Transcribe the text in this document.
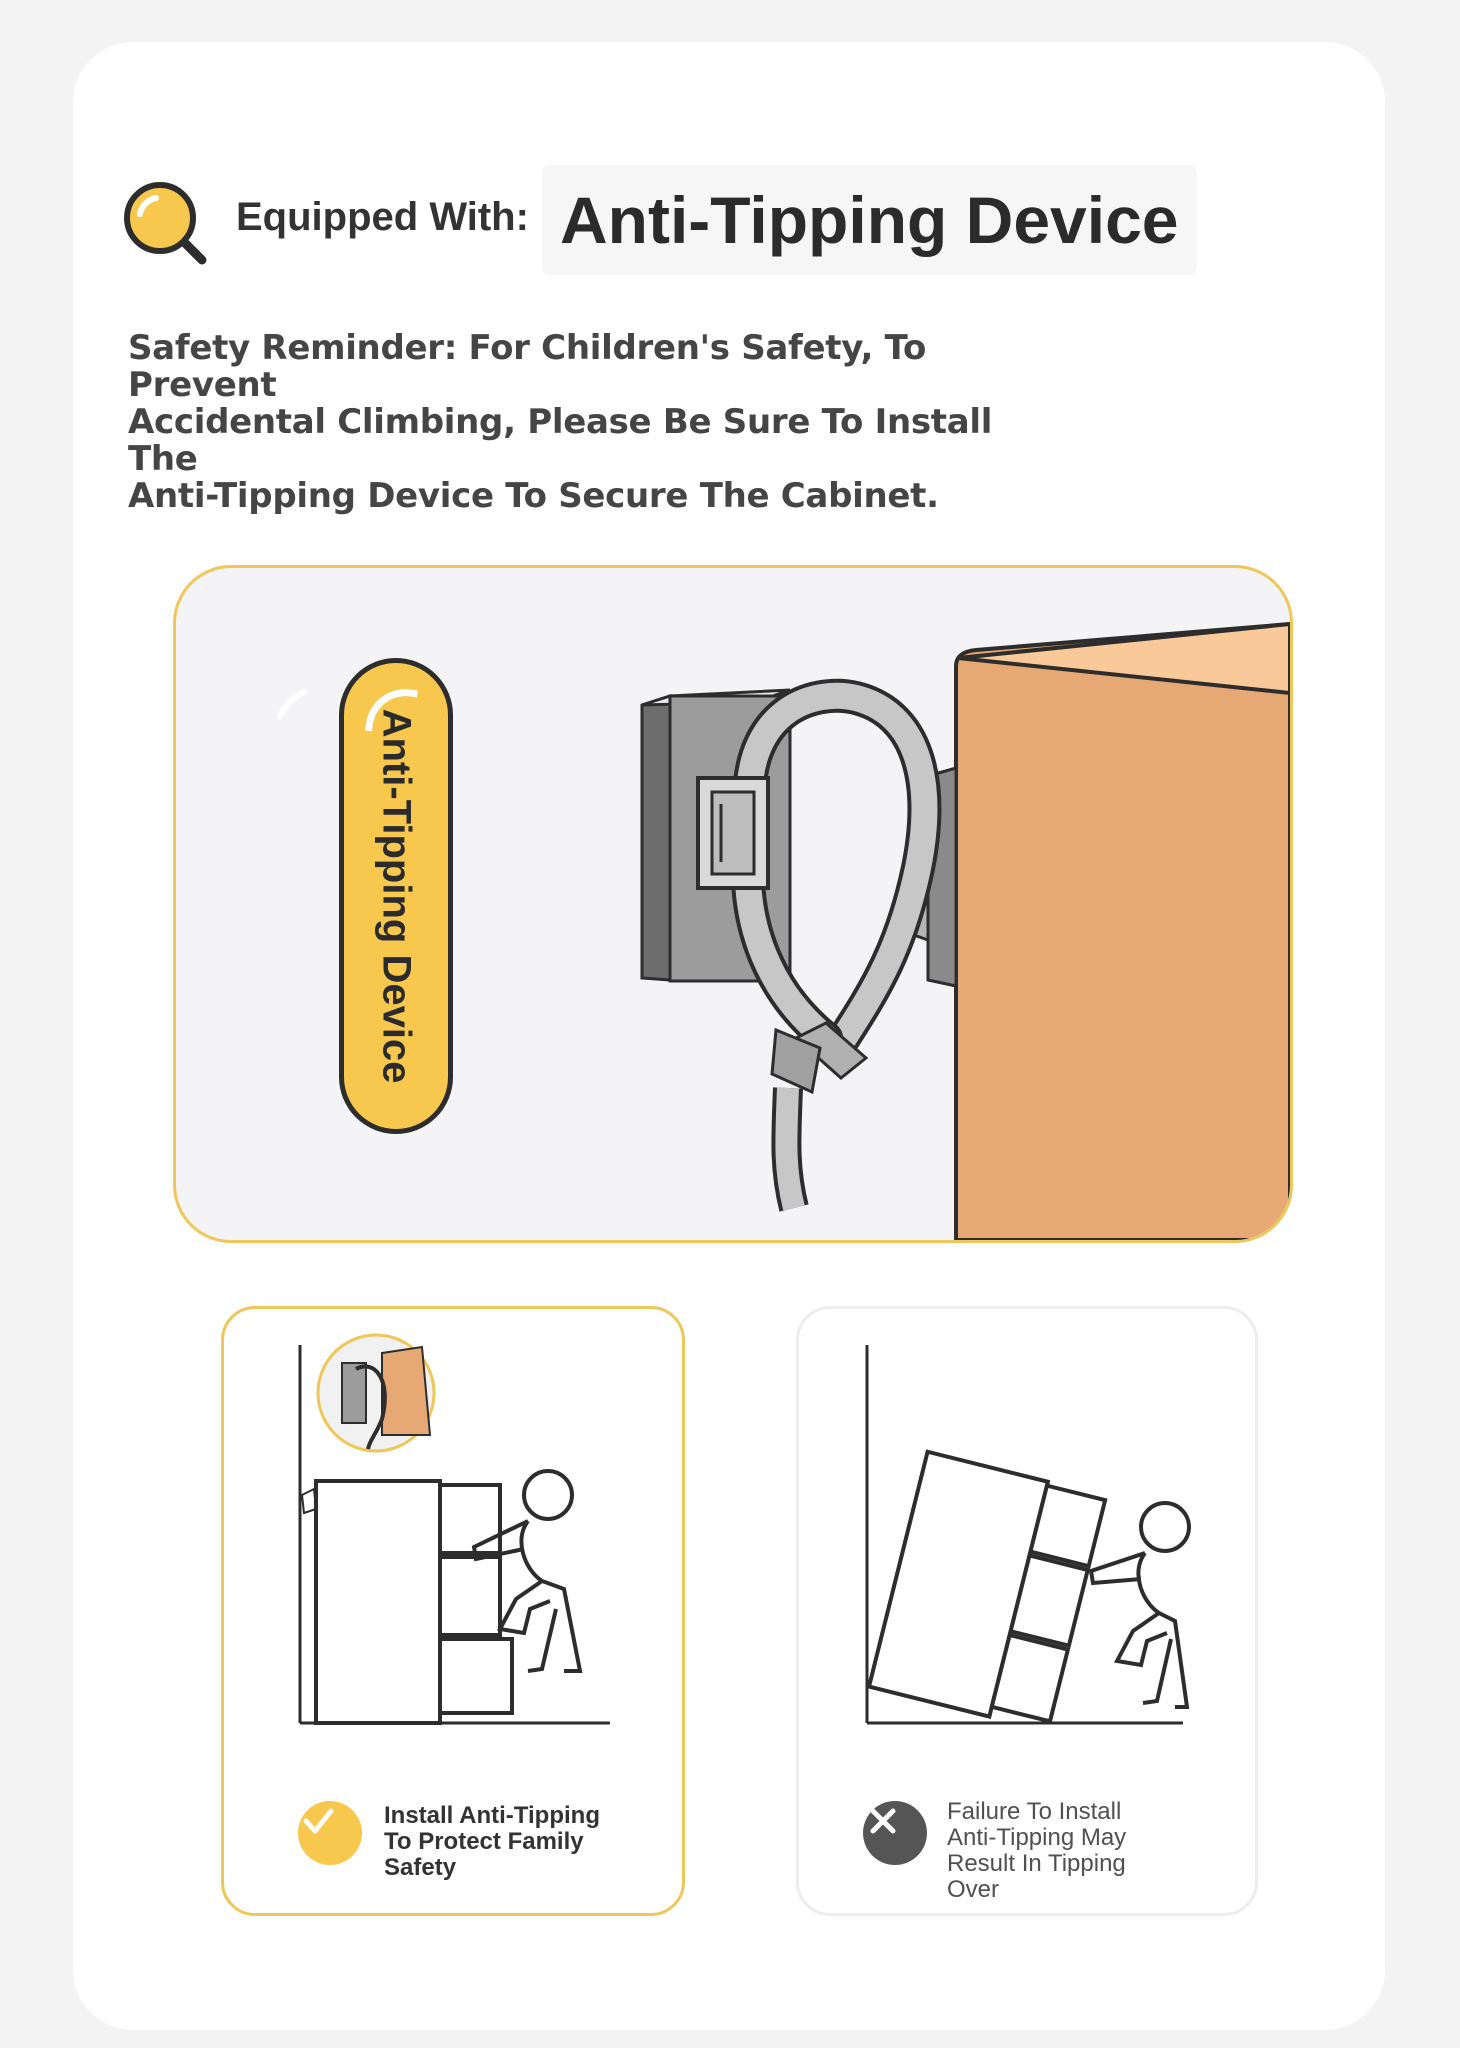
Equipped With: Anti-Tipping Device
Safety Reminder: For Children's Safety, To Prevent
Accidental Climbing, Please Be Sure To Install The
Anti-Tipping Device To Secure The Cabinet.
Anti-Tipping Device
Install Anti-Tipping
To Protect Family
Safety
Failure To Install
Anti-Tipping May
Result In Tipping
Over
